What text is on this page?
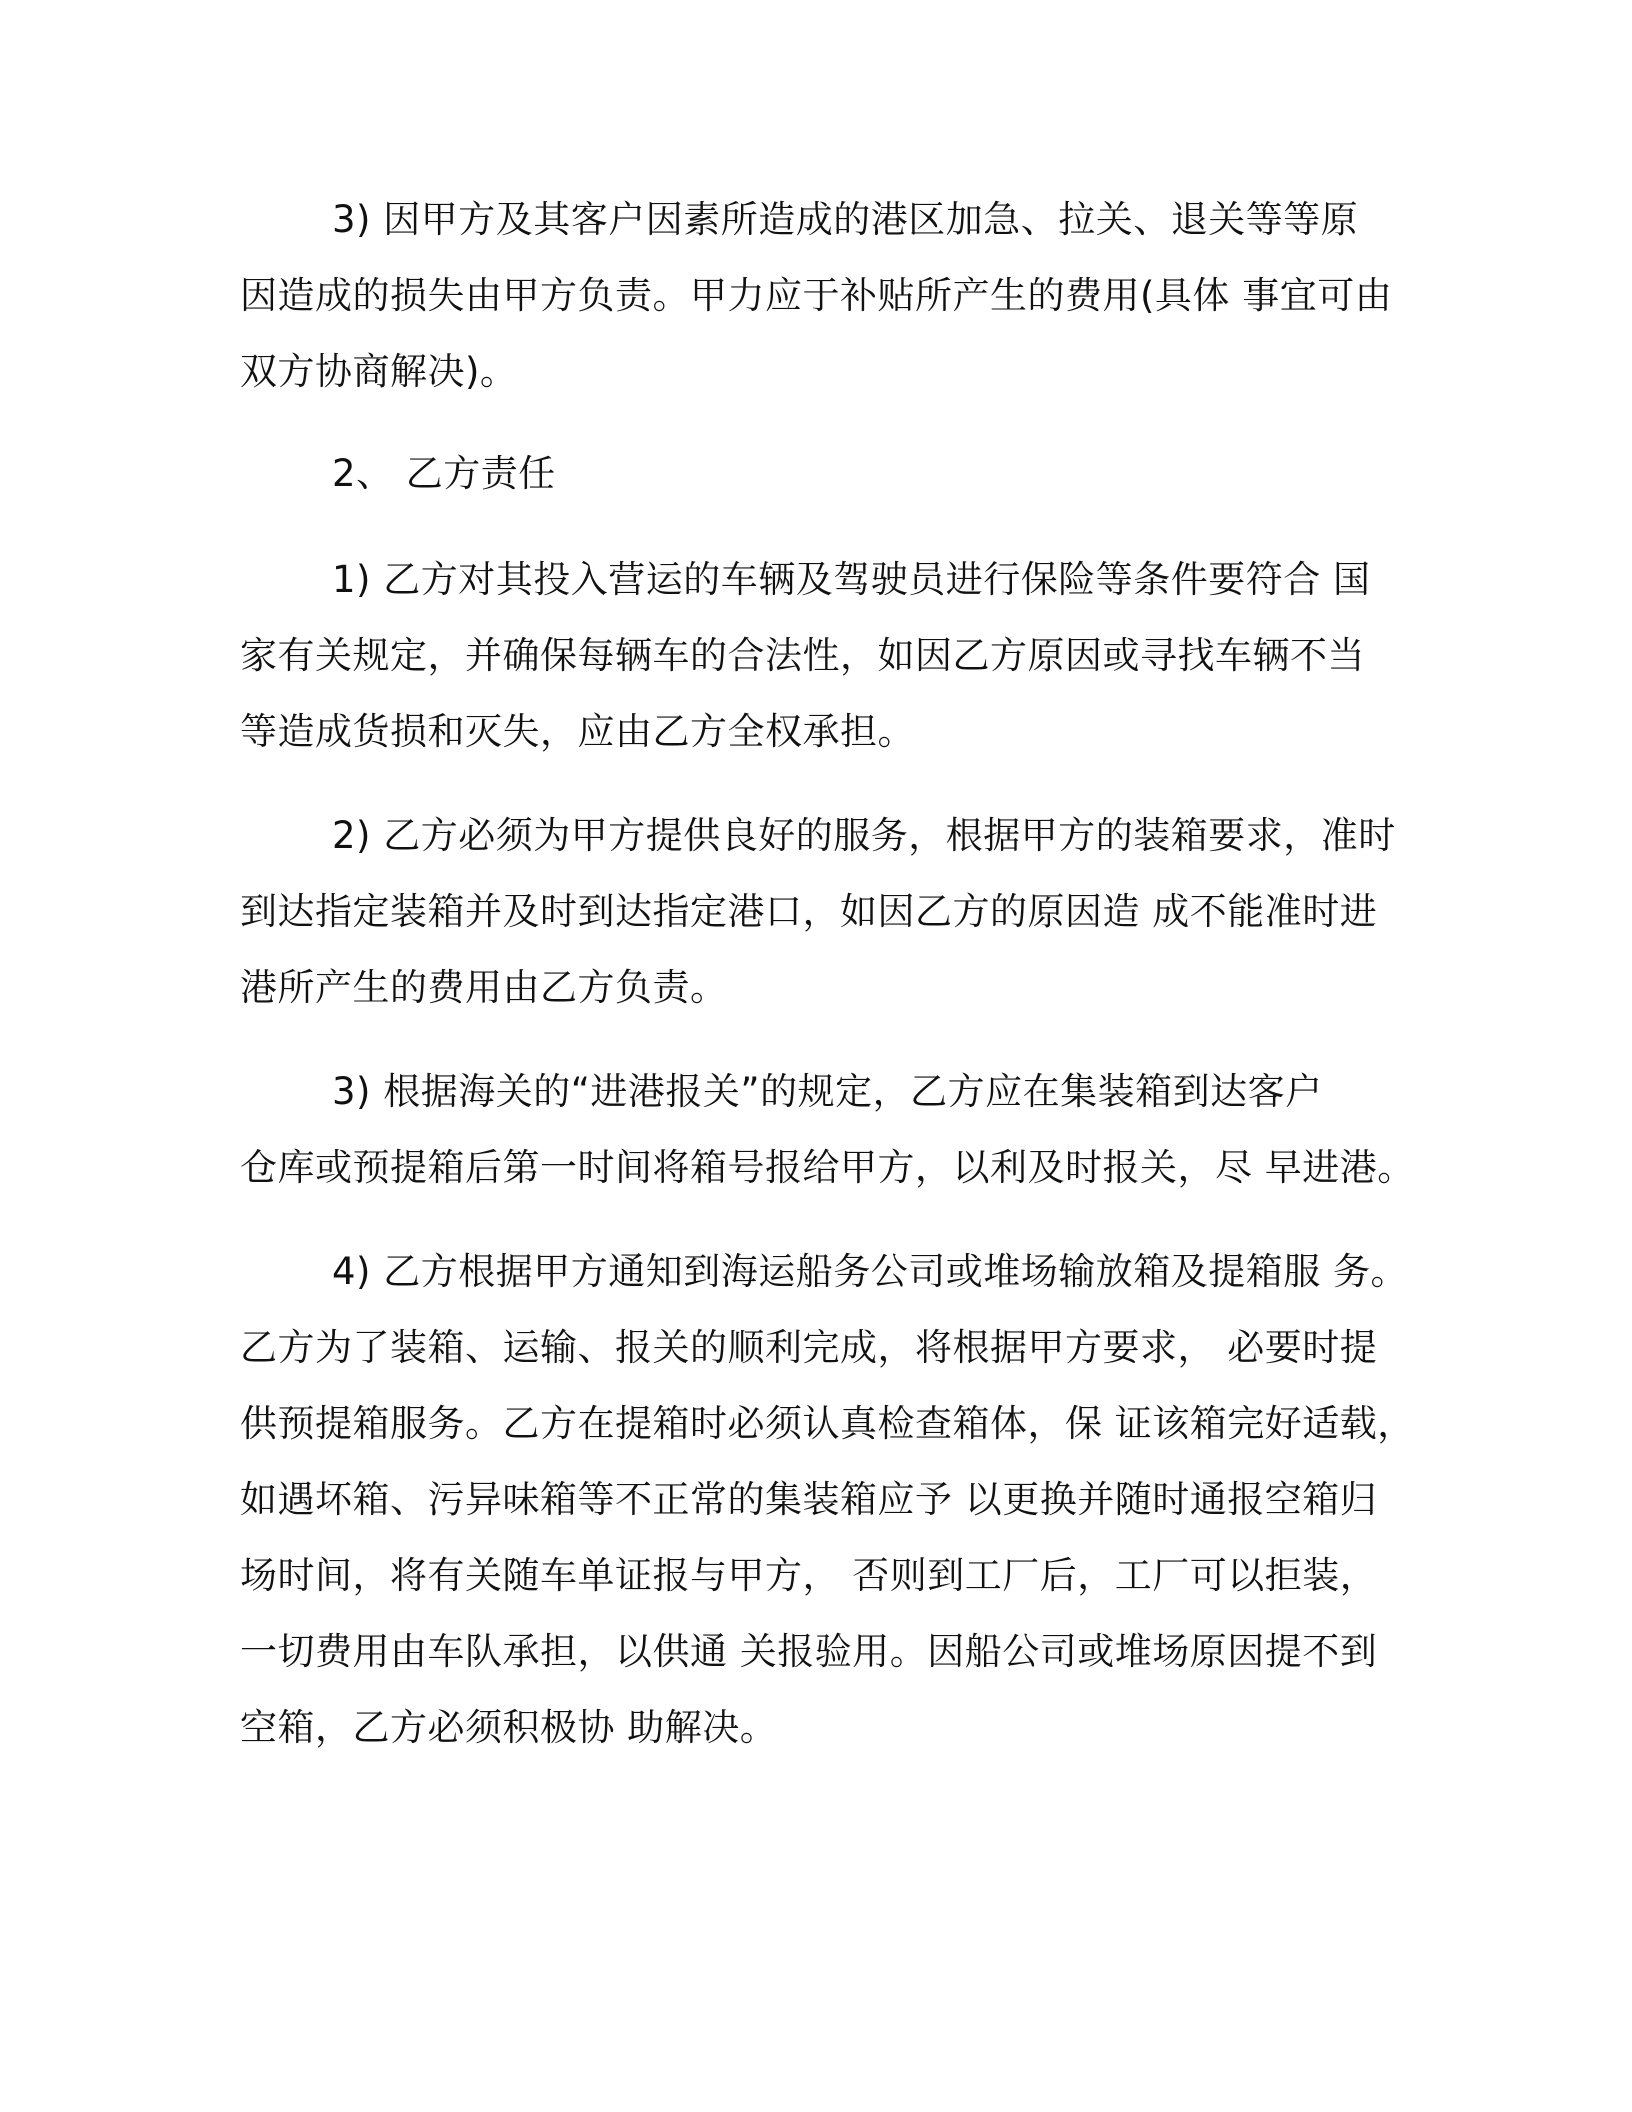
3) 因甲方及其客户因素所造成的港区加急、拉关、退关等等原
因造成的损失由甲方负责。甲力应于补贴所产生的费用(具体 事宜可由
双方协商解决)。
2、 乙方责任
1) 乙方对其投入营运的车辆及驾驶员进行保险等条件要符合 国
家有关规定，并确保每辆车的合法性，如因乙方原因或寻找车辆不当
等造成货损和灭失，应由乙方全权承担。
2) 乙方必须为甲方提供良好的服务，根据甲方的装箱要求，准时
到达指定装箱并及时到达指定港口，如因乙方的原因造 成不能准时进
港所产生的费用由乙方负责。
3) 根据海关的“进港报关”的规定，乙方应在集装箱到达客户
仓库或预提箱后第一时间将箱号报给甲方，以利及时报关，尽 早进港。
4) 乙方根据甲方通知到海运船务公司或堆场输放箱及提箱服 务。
乙方为了装箱、运输、报关的顺利完成，将根据甲方要求， 必要时提
供预提箱服务。乙方在提箱时必须认真检查箱体，保 证该箱完好适载，
如遇坏箱、污异味箱等不正常的集装箱应予 以更换并随时通报空箱归
场时间，将有关随车单证报与甲方， 否则到工厂后，工厂可以拒装，
一切费用由车队承担，以供通 关报验用。因船公司或堆场原因提不到
空箱，乙方必须积极协 助解决。
